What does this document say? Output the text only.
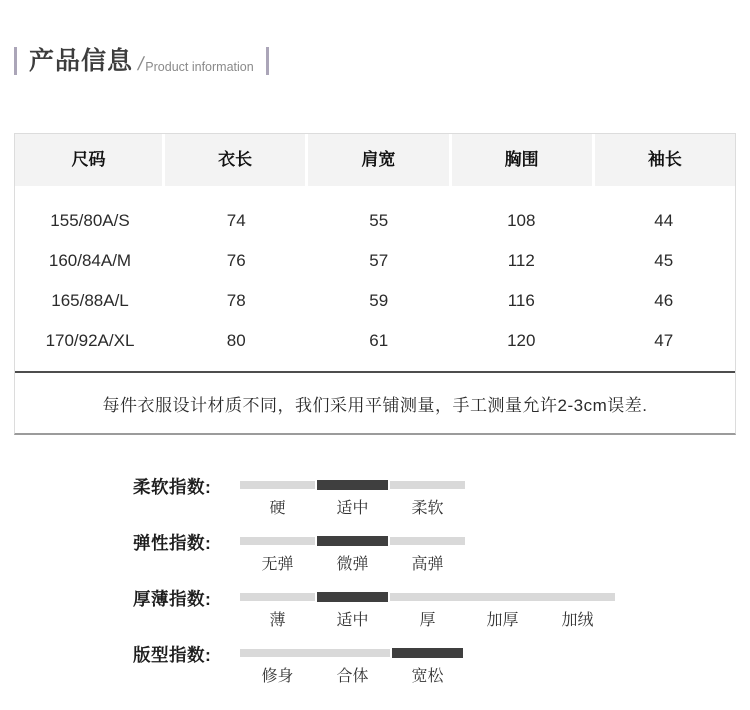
产品信息 / Product information
尺码	衣长	肩宽	胸围	袖长
155/80A/S	74	55	108	44
160/84A/M	76	57	112	45
165/88A/L	78	59	116	46
170/92A/XL	80	61	120	47
每件衣服设计材质不同，我们采用平铺测量，手工测量允许2-3cm误差.
柔软指数:
硬	适中	柔软
弹性指数:
无弹	微弹	高弹
厚薄指数:
薄	适中	厚	加厚	加绒
版型指数:
修身	合体	宽松
